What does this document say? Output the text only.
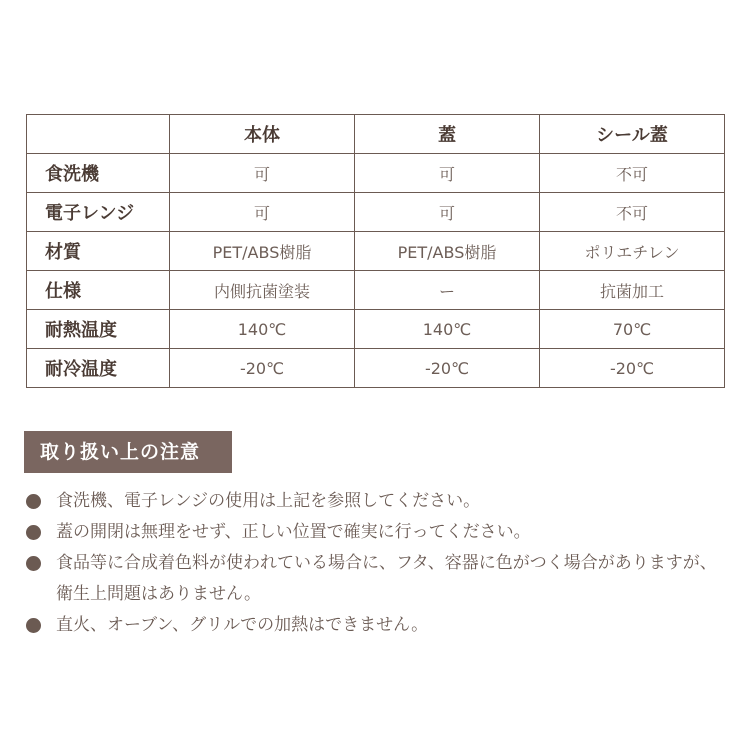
	本体	蓋	シール蓋
食洗機	可	可	不可
電子レンジ	可	可	不可
材質	PET/ABS樹脂	PET/ABS樹脂	ポリエチレン
仕様	内側抗菌塗装	ー	抗菌加工
耐熱温度	140℃	140℃	70℃
耐冷温度	-20℃	-20℃	-20℃
取り扱い上の注意
食洗機、電子レンジの使用は上記を参照してください。
蓋の開閉は無理をせず、正しい位置で確実に行ってください。
食品等に合成着色料が使われている場合に、フタ、容器に色がつく場合がありますが、衛生上問題はありません。
直火、オーブン、グリルでの加熱はできません。
